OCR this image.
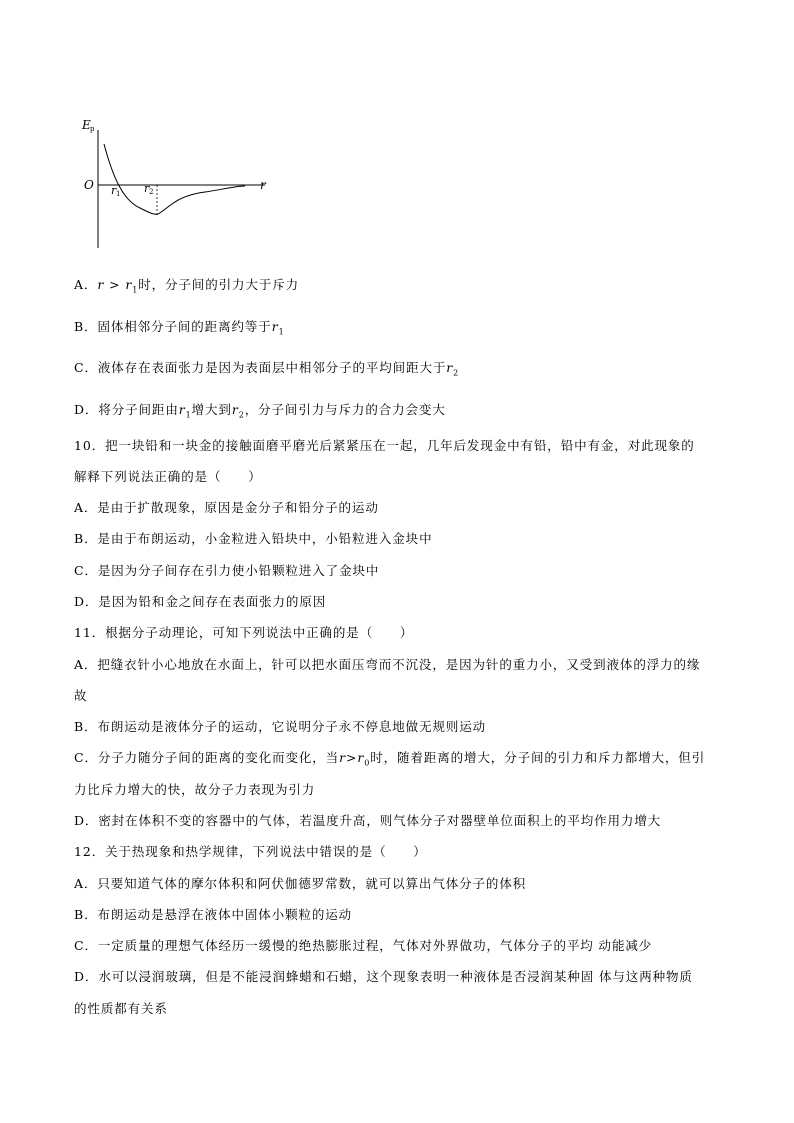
E p
O	r
r 1 r 2
A．$r > r_1$时，分子间的引力大于斥力
B．固体相邻分子间的距离约等于$r_1$
C．液体存在表面张力是因为表面层中相邻分子的平均间距大于$r_2$
D．将分子间距由$r_1$增大到$r_2$，分子间引力与斥力的合力会变大
10．把一块铅和一块金的接触面磨平磨光后紧紧压在一起，几年后发现金中有铅，铅中有金，对此现象的
解释下列说法正确的是（　　）
A．是由于扩散现象，原因是金分子和铅分子的运动
B．是由于布朗运动，小金粒进入铅块中，小铅粒进入金块中
C．是因为分子间存在引力使小铅颗粒进入了金块中
D．是因为铅和金之间存在表面张力的原因
11．根据分子动理论，可知下列说法中正确的是（　　）
A．把缝衣针小心地放在水面上，针可以把水面压弯而不沉没，是因为针的重力小，又受到液体的浮力的缘
故
B．布朗运动是液体分子的运动，它说明分子永不停息地做无规则运动
C．分子力随分子间的距离的变化而变化，当$r>r_0$时，随着距离的增大，分子间的引力和斥力都增大，但引
力比斥力增大的快，故分子力表现为引力
D．密封在体积不变的容器中的气体，若温度升高，则气体分子对器壁单位面积上的平均作用力增大
12．关于热现象和热学规律，下列说法中错误的是（　　）
A．只要知道气体的摩尔体积和阿伏伽德罗常数，就可以算出气体分子的体积
B．布朗运动是悬浮在液体中固体小颗粒的运动
C．一定质量的理想气体经历一缓慢的绝热膨胀过程，气体对外界做功，气体分子的平均 动能减少
D．水可以浸润玻璃，但是不能浸润蜂蜡和石蜡，这个现象表明一种液体是否浸润某种固 体与这两种物质
的性质都有关系
